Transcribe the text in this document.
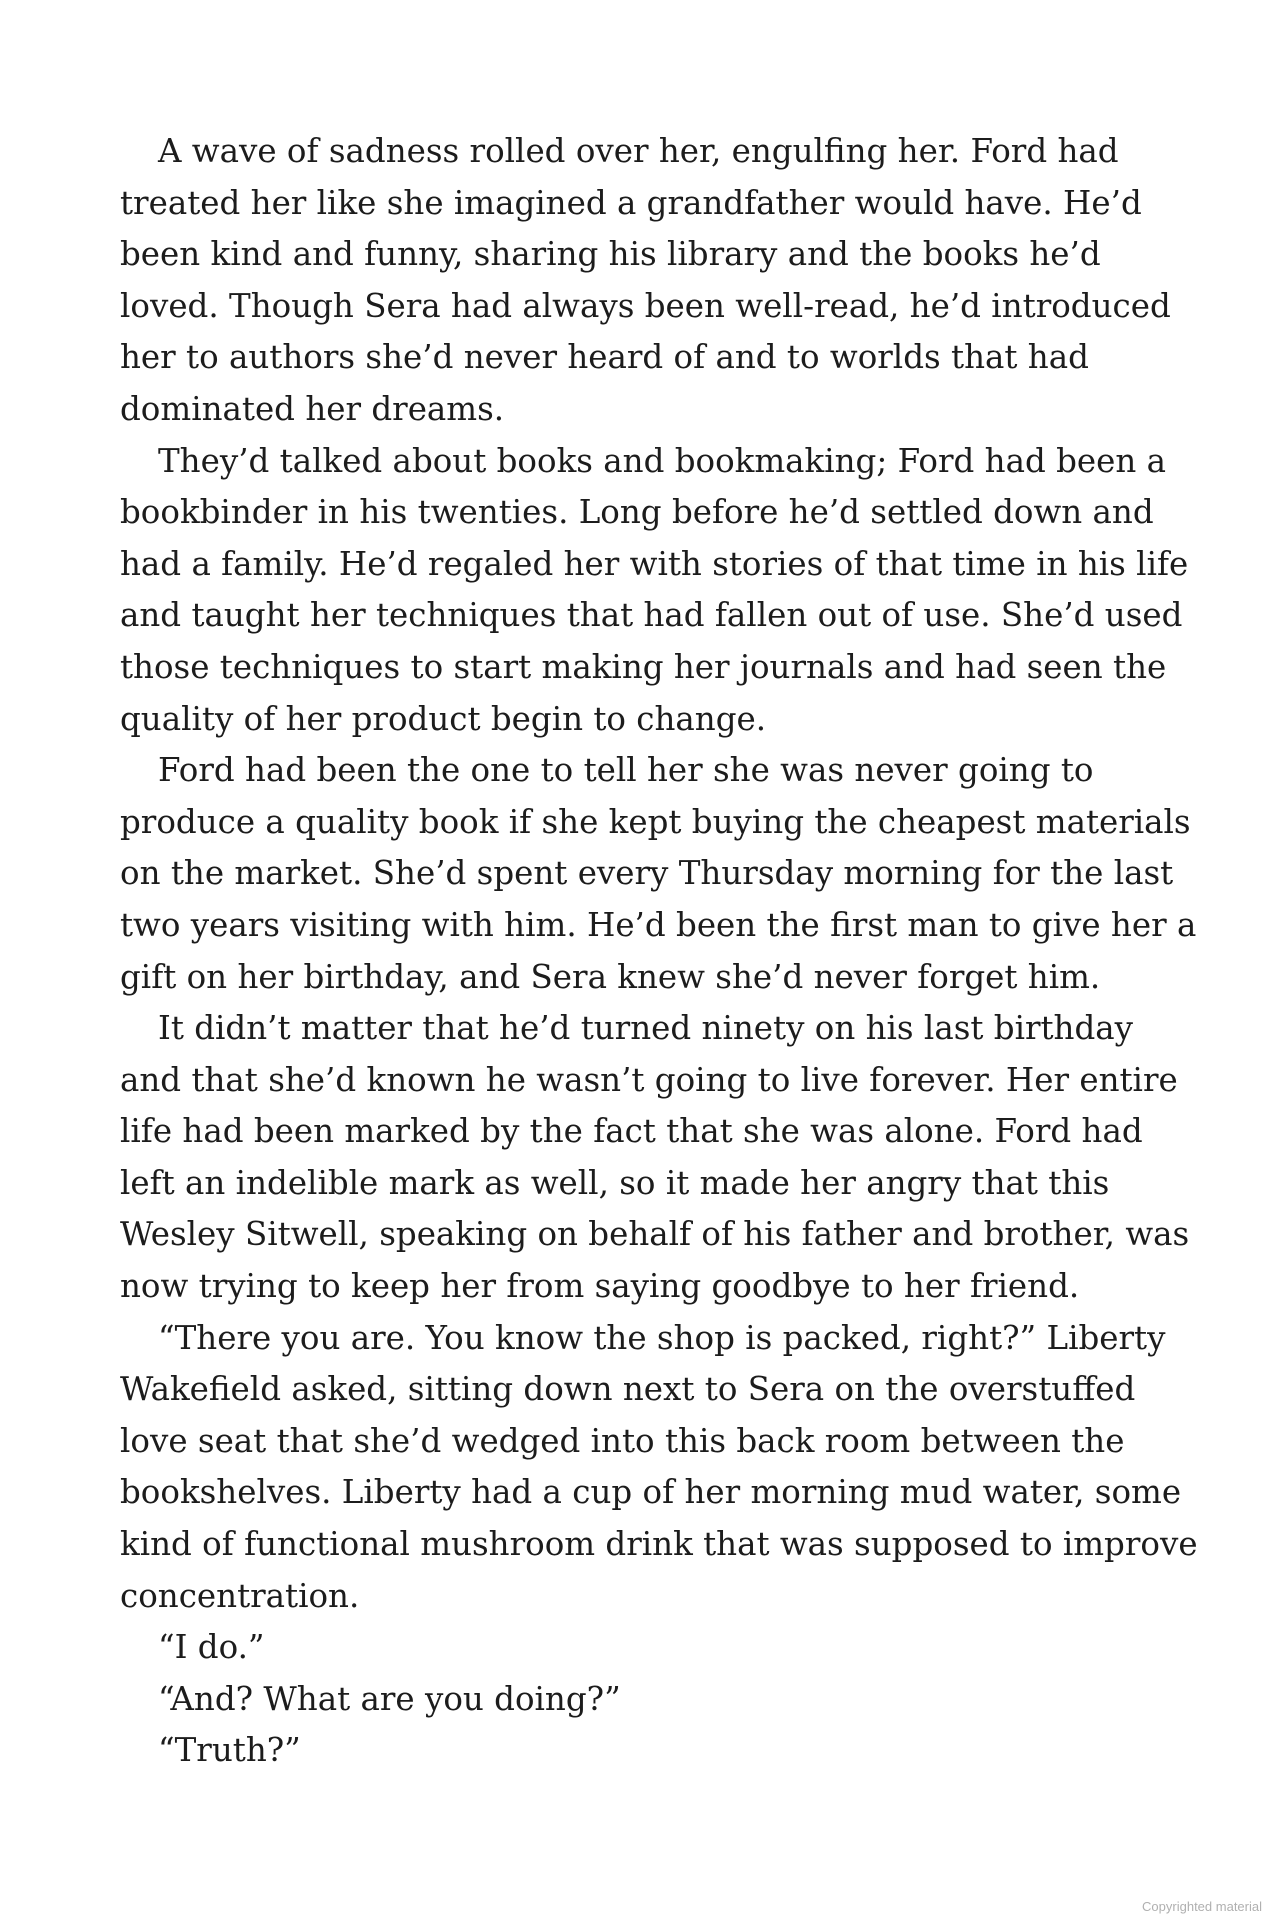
A wave of sadness rolled over her, engulfing her. Ford had
treated her like she imagined a grandfather would have. He’d
been kind and funny, sharing his library and the books he’d
loved. Though Sera had always been well-read, he’d introduced
her to authors she’d never heard of and to worlds that had
dominated her dreams.

They’d talked about books and bookmaking; Ford had been a
bookbinder in his twenties. Long before he’d settled down and
had a family. He’d regaled her with stories of that time in his life
and taught her techniques that had fallen out of use. She’d used
those techniques to start making her journals and had seen the
quality of her product begin to change.

Ford had been the one to tell her she was never going to
produce a quality book if she kept buying the cheapest materials
on the market. She’d spent every Thursday morning for the last
two years visiting with him. He’d been the first man to give her a
gift on her birthday, and Sera knew she’d never forget him.

It didn’t matter that he’d turned ninety on his last birthday
and that she’d known he wasn’t going to live forever. Her entire
life had been marked by the fact that she was alone. Ford had
left an indelible mark as well, so it made her angry that this
Wesley Sitwell, speaking on behalf of his father and brother, was
now trying to keep her from saying goodbye to her friend.

“There you are. You know the shop is packed, right?” Liberty
Wakefield asked, sitting down next to Sera on the overstuffed
love seat that she’d wedged into this back room between the
bookshelves. Liberty had a cup of her morning mud water, some
kind of functional mushroom drink that was supposed to improve
concentration.

“I do.”

“And? What are you doing?”

“Truth?”

Copyrighted material
